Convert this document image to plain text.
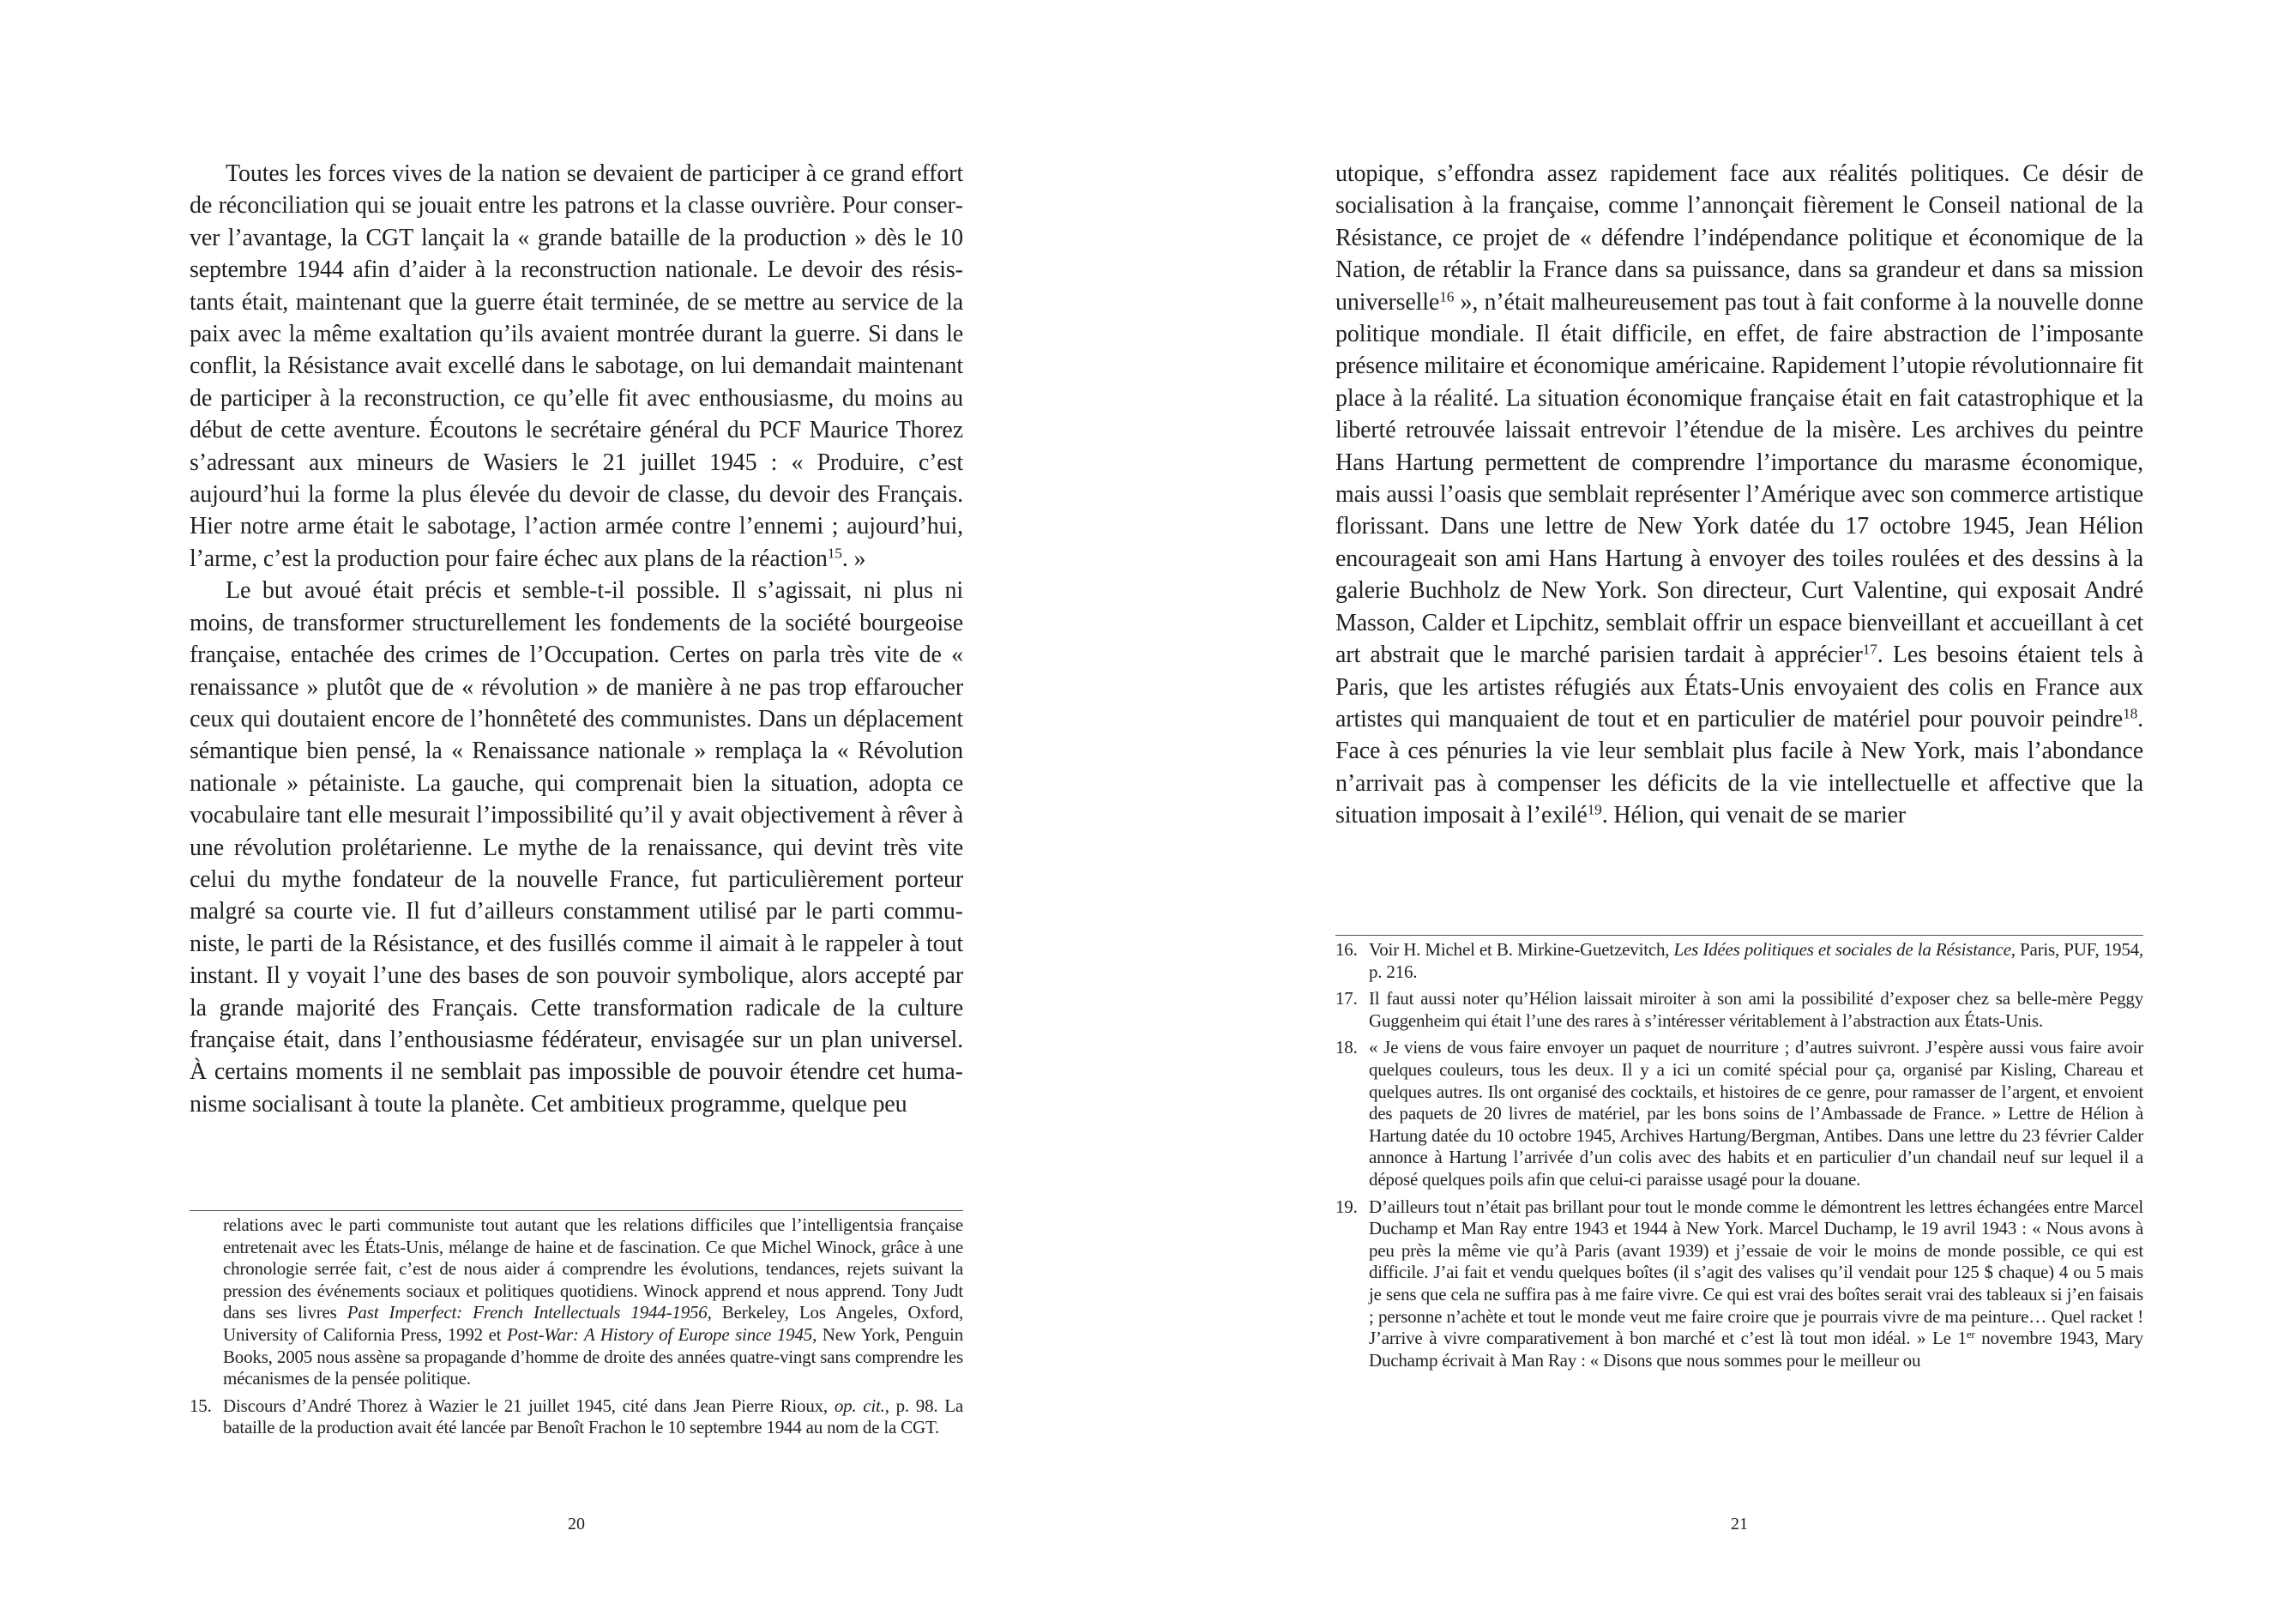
Toutes les forces vives de la nation se devaient de participer à ce grand effort de réconciliation qui se jouait entre les patrons et la classe ouvrière. Pour conserver l’avantage, la CGT lançait la « grande bataille de la production » dès le 10 septembre 1944 afin d’aider à la reconstruction nationale. Le devoir des résistants était, maintenant que la guerre était terminée, de se mettre au service de la paix avec la même exaltation qu’ils avaient montrée durant la guerre. Si dans le conflit, la Résistance avait excellé dans le sabotage, on lui demandait maintenant de participer à la reconstruction, ce qu’elle fit avec enthousiasme, du moins au début de cette aventure. Écoutons le secrétaire général du PCF Maurice Thorez s’adressant aux mineurs de Wasiers le 21 juillet 1945 : « Produire, c’est aujourd’hui la forme la plus élevée du devoir de classe, du devoir des Français. Hier notre arme était le sabotage, l’action armée contre l’ennemi ; aujourd’hui, l’arme, c’est la production pour faire échec aux plans de la réaction$^{15}$. »

Le but avoué était précis et semble-t-il possible. Il s’agissait, ni plus ni moins, de transformer structurellement les fondements de la société bourgeoise française, entachée des crimes de l’Occupation. Certes on parla très vite de « renaissance » plutôt que de « révolution » de manière à ne pas trop effaroucher ceux qui doutaient encore de l’honnêteté des communistes. Dans un déplacement sémantique bien pensé, la « Renaissance nationale » remplaça la « Révolution nationale » pétainiste. La gauche, qui comprenait bien la situation, adopta ce vocabulaire tant elle mesurait l’impossibilité qu’il y avait objectivement à rêver à une révolution prolétarienne. Le mythe de la renaissance, qui devint très vite celui du mythe fondateur de la nouvelle France, fut particulièrement porteur malgré sa courte vie. Il fut d’ailleurs constamment utilisé par le parti communiste, le parti de la Résistance, et des fusillés comme il aimait à le rappeler à tout instant. Il y voyait l’une des bases de son pouvoir symbolique, alors accepté par la grande majorité des Français. Cette transformation radicale de la culture française était, dans l’enthousiasme fédérateur, envisagée sur un plan universel. À certains moments il ne semblait pas impossible de pouvoir étendre cet humanisme socialisant à toute la planète. Cet ambitieux programme, quelque peu

relations avec le parti communiste tout autant que les relations difficiles que l’intelligentsia française entretenait avec les États-Unis, mélange de haine et de fascination. Ce que Michel Winock, grâce à une chronologie serrée fait, c’est de nous aider á comprendre les évolutions, tendances, rejets suivant la pression des événements sociaux et politiques quotidiens. Winock apprend et nous apprend. Tony Judt dans ses livres Past Imperfect: French Intellectuals 1944-1956, Berkeley, Los Angeles, Oxford, University of California Press, 1992 et Post-War: A History of Europe since 1945, New York, Penguin Books, 2005 nous assène sa propagande d’homme de droite des années quatre-vingt sans comprendre les mécanismes de la pensée politique.
15. Discours d’André Thorez à Wazier le 21 juillet 1945, cité dans Jean Pierre Rioux, op. cit., p. 98. La bataille de la production avait été lancée par Benoît Frachon le 10 septembre 1944 au nom de la CGT.
20

utopique, s’effondra assez rapidement face aux réalités politiques. Ce désir de socialisation à la française, comme l’annonçait fièrement le Conseil national de la Résistance, ce projet de « défendre l’indépendance politique et économique de la Nation, de rétablir la France dans sa puissance, dans sa grandeur et dans sa mission universelle$^{16}$ », n’était malheureusement pas tout à fait conforme à la nouvelle donne politique mondiale. Il était difficile, en effet, de faire abstraction de l’imposante présence militaire et économique américaine. Rapidement l’utopie révolutionnaire fit place à la réalité. La situation économique française était en fait catastrophique et la liberté retrouvée laissait entrevoir l’étendue de la misère. Les archives du peintre Hans Hartung permettent de comprendre l’importance du marasme économique, mais aussi l’oasis que semblait représenter l’Amérique avec son commerce artistique florissant. Dans une lettre de New York datée du 17 octobre 1945, Jean Hélion encourageait son ami Hans Hartung à envoyer des toiles roulées et des dessins à la galerie Buchholz de New York. Son directeur, Curt Valentine, qui exposait André Masson, Calder et Lipchitz, semblait offrir un espace bienveillant et accueillant à cet art abstrait que le marché parisien tardait à apprécier$^{17}$. Les besoins étaient tels à Paris, que les artistes réfugiés aux États-Unis envoyaient des colis en France aux artistes qui manquaient de tout et en particulier de matériel pour pouvoir peindre$^{18}$. Face à ces pénuries la vie leur semblait plus facile à New York, mais l’abondance n’arrivait pas à compenser les déficits de la vie intellectuelle et affective que la situation imposait à l’exilé$^{19}$. Hélion, qui venait de se marier

16. Voir H. Michel et B. Mirkine-Guetzevitch, Les Idées politiques et sociales de la Résistance, Paris, PUF, 1954, p. 216.
17. Il faut aussi noter qu’Hélion laissait miroiter à son ami la possibilité d’exposer chez sa belle-mère Peggy Guggenheim qui était l’une des rares à s’intéresser véritablement à l’abstraction aux États-Unis.
18. « Je viens de vous faire envoyer un paquet de nourriture ; d’autres suivront. J’espère aussi vous faire avoir quelques couleurs, tous les deux. Il y a ici un comité spécial pour ça, organisé par Kisling, Chareau et quelques autres. Ils ont organisé des cocktails, et histoires de ce genre, pour ramasser de l’argent, et envoient des paquets de 20 livres de matériel, par les bons soins de l’Ambassade de France. » Lettre de Hélion à Hartung datée du 10 octobre 1945, Archives Hartung/Bergman, Antibes. Dans une lettre du 23 février Calder annonce à Hartung l’arrivée d’un colis avec des habits et en particulier d’un chandail neuf sur lequel il a déposé quelques poils afin que celui-ci paraisse usagé pour la douane.
19. D’ailleurs tout n’était pas brillant pour tout le monde comme le démontrent les lettres échangées entre Marcel Duchamp et Man Ray entre 1943 et 1944 à New York. Marcel Duchamp, le 19 avril 1943 : « Nous avons à peu près la même vie qu’à Paris (avant 1939) et j’essaie de voir le moins de monde possible, ce qui est difficile. J’ai fait et vendu quelques boîtes (il s’agit des valises qu’il vendait pour 125 $ chaque) 4 ou 5 mais je sens que cela ne suffira pas à me faire vivre. Ce qui est vrai des boîtes serait vrai des tableaux si j’en faisais ; personne n’achète et tout le monde veut me faire croire que je pourrais vivre de ma peinture… Quel racket ! J’arrive à vivre comparativement à bon marché et c’est là tout mon idéal. » Le 1er novembre 1943, Mary Duchamp écrivait à Man Ray : « Disons que nous sommes pour le meilleur ou
21
